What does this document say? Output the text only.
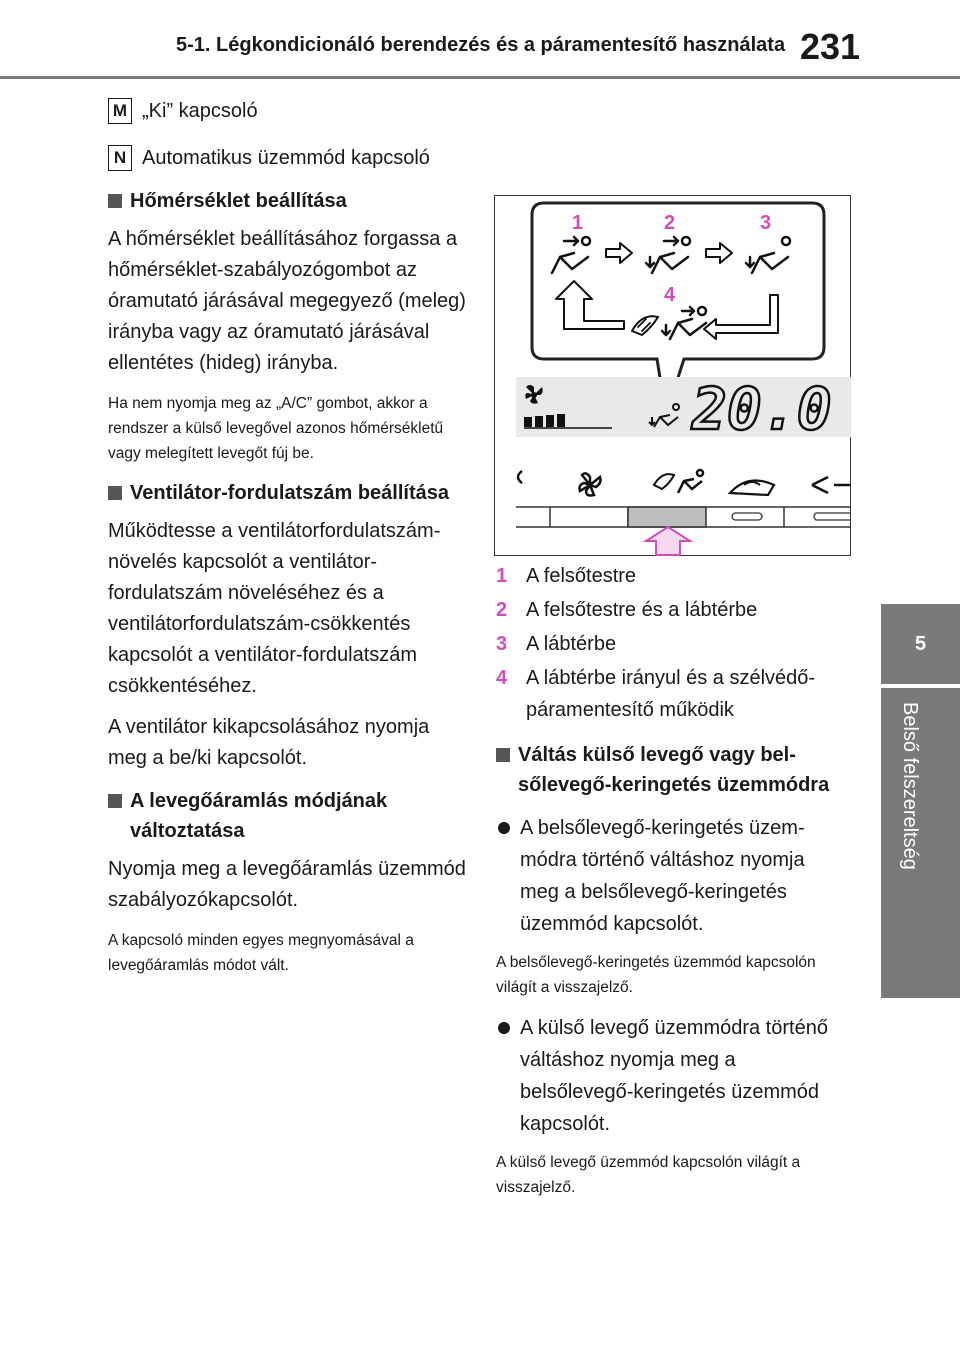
5-1. Légkondicionáló berendezés és a páramentesítő használata 231
5
Belső felszereltség
M „Ki” kapcsoló
N Automatikus üzemmód kapcsoló
Hőmérséklet beállítása
A hőmérséklet beállításához forgassa a hőmérséklet-szabályozógombot az óramutató járásával megegyező (meleg) irányba vagy az óramutató járásával ellentétes (hideg) irányba.
Ha nem nyomja meg az „A/C” gombot, akkor a rendszer a külső levegővel azonos hőmérsékletű vagy melegített levegőt fúj be.
Ventilátor-fordulatszám beállítása
Működtesse a ventilátorfordulatszám-növelés kapcsolót a ventilátor-fordulatszám növeléséhez és a ventilátorfordulatszám-csökkentés kapcsolót a ventilátor-fordulatszám csökkentéséhez.
A ventilátor kikapcsolásához nyomja meg a be/ki kapcsolót.
A levegőáramlás módjának változtatása
Nyomja meg a levegőáramlás üzemmód szabályozókapcsolót.
A kapcsoló minden egyes megnyomásával a levegőáramlás módot vált.
1	2	3
4
20.0
1 A felsőtestre
2 A felsőtestre és a lábtérbe
3 A lábtérbe
4 A lábtérbe irányul és a szélvédő-páramentesítő működik
Váltás külső levegő vagy belsőlevegő-keringetés üzemmódra
A belsőlevegő-keringetés üzemmódra történő váltáshoz nyomja meg a belsőlevegő-keringetés üzemmód kapcsolót.
A belsőlevegő-keringetés üzemmód kapcsolón világít a visszajelző.
A külső levegő üzemmódra történő váltáshoz nyomja meg a belsőlevegő-keringetés üzemmód kapcsolót.
A külső levegő üzemmód kapcsolón világít a visszajelző.
